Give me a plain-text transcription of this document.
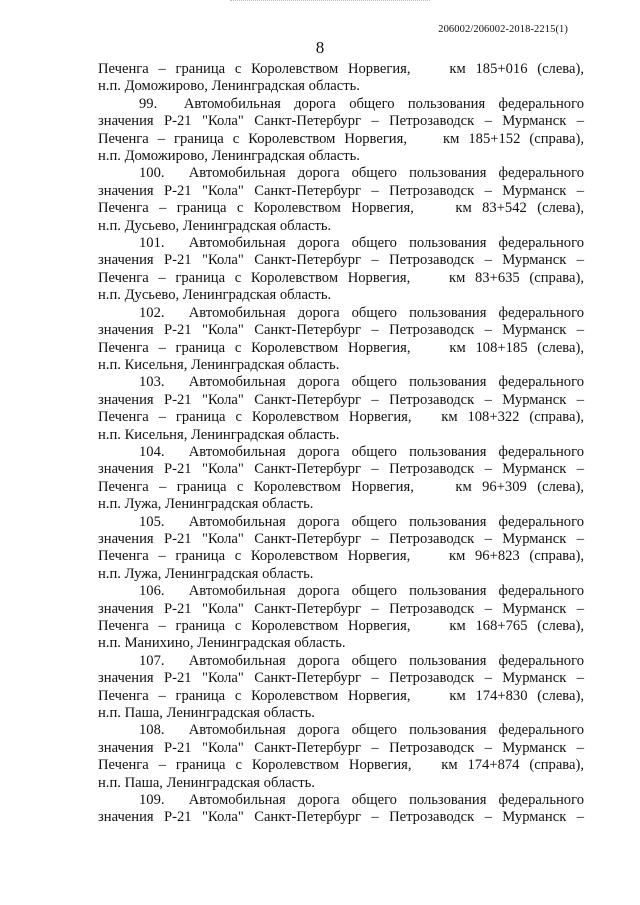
206002/206002-2018-2215(1)
8
Печенга – граница с Королевством Норвегия,    км 185+016 (слева),
н.п. Доможирово, Ленинградская область.
99.  Автомобильная дорога общего пользования федерального
значения Р-21 "Кола" Санкт-Петербург – Петрозаводск – Мурманск –
Печенга – граница с Королевством Норвегия,    км 185+152 (справа),
н.п. Доможирово, Ленинградская область.
100.  Автомобильная дорога общего пользования федерального
значения Р-21 "Кола" Санкт-Петербург – Петрозаводск – Мурманск –
Печенга – граница с Королевством Норвегия,    км 83+542 (слева),
н.п. Дусьево, Ленинградская область.
101.  Автомобильная дорога общего пользования федерального
значения Р-21 "Кола" Санкт-Петербург – Петрозаводск – Мурманск –
Печенга – граница с Королевством Норвегия,    км 83+635 (справа),
н.п. Дусьево, Ленинградская область.
102.  Автомобильная дорога общего пользования федерального
значения Р-21 "Кола" Санкт-Петербург – Петрозаводск – Мурманск –
Печенга – граница с Королевством Норвегия,    км 108+185 (слева),
н.п. Кисельня, Ленинградская область.
103.  Автомобильная дорога общего пользования федерального
значения Р-21 "Кола" Санкт-Петербург – Петрозаводск – Мурманск –
Печенга – граница с Королевством Норвегия,   км 108+322 (справа),
н.п. Кисельня, Ленинградская область.
104.  Автомобильная дорога общего пользования федерального
значения Р-21 "Кола" Санкт-Петербург – Петрозаводск – Мурманск –
Печенга – граница с Королевством Норвегия,    км 96+309 (слева),
н.п. Лужа, Ленинградская область.
105.  Автомобильная дорога общего пользования федерального
значения Р-21 "Кола" Санкт-Петербург – Петрозаводск – Мурманск –
Печенга – граница с Королевством Норвегия,    км 96+823 (справа),
н.п. Лужа, Ленинградская область.
106.  Автомобильная дорога общего пользования федерального
значения Р-21 "Кола" Санкт-Петербург – Петрозаводск – Мурманск –
Печенга – граница с Королевством Норвегия,    км 168+765 (слева),
н.п. Манихино, Ленинградская область.
107.  Автомобильная дорога общего пользования федерального
значения Р-21 "Кола" Санкт-Петербург – Петрозаводск – Мурманск –
Печенга – граница с Королевством Норвегия,    км 174+830 (слева),
н.п. Паша, Ленинградская область.
108.  Автомобильная дорога общего пользования федерального
значения Р-21 "Кола" Санкт-Петербург – Петрозаводск – Мурманск –
Печенга – граница с Королевством Норвегия,   км 174+874 (справа),
н.п. Паша, Ленинградская область.
109.  Автомобильная дорога общего пользования федерального
значения Р-21 "Кола" Санкт-Петербург – Петрозаводск – Мурманск –
